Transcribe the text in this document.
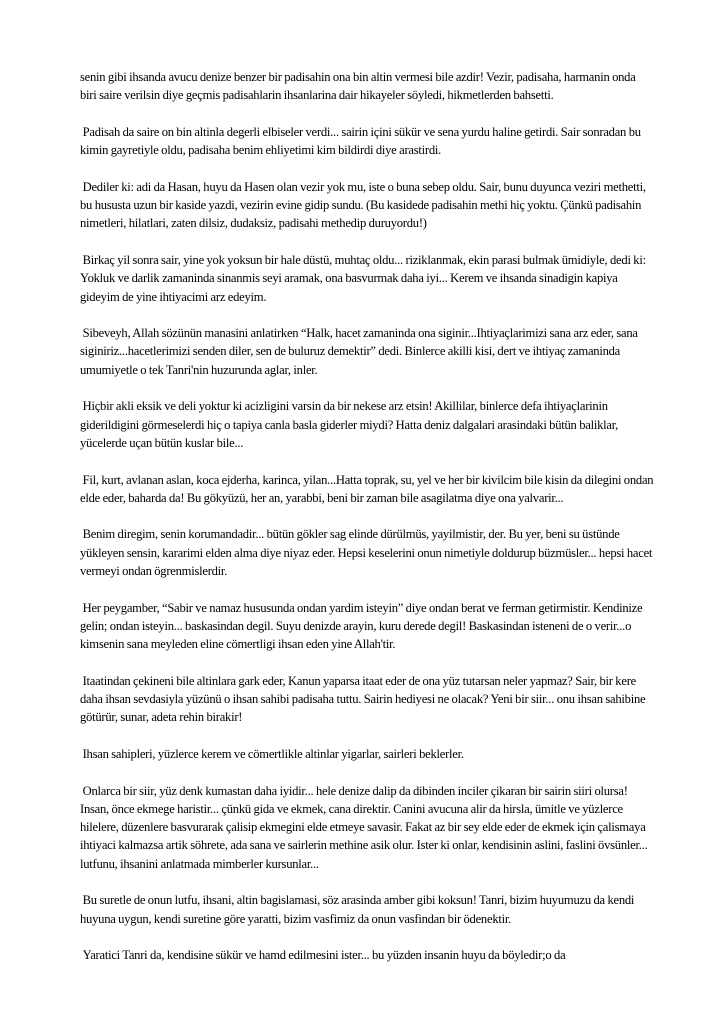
senin gibi ihsanda avucu denize benzer bir padisahin ona bin altin vermesi bile azdir! Vezir, padisaha, harmanin onda biri saire verilsin diye geçmis padisahlarin ihsanlarina dair hikayeler söyledi, hikmetlerden bahsetti.

Padisah da saire on bin altinla degerli elbiseler verdi... sairin içini sükür ve sena yurdu haline getirdi. Sair sonradan bu kimin gayretiyle oldu, padisaha benim ehliyetimi kim bildirdi diye arastirdi.

Dediler ki: adi da Hasan, huyu da Hasen olan vezir yok mu, iste o buna sebep oldu. Sair, bunu duyunca veziri methetti, bu hususta uzun bir kaside yazdi, vezirin evine gidip sundu. (Bu kasidede padisahin methi hiç yoktu. Çünkü padisahin nimetleri, hilatlari, zaten dilsiz, dudaksiz, padisahi methedip duruyordu!)

Birkaç yil sonra sair, yine yok yoksun bir hale düstü, muhtaç oldu... riziklanmak, ekin parasi bulmak ümidiyle, dedi ki: Yokluk ve darlik zamaninda sinanmis seyi aramak, ona basvurmak daha iyi... Kerem ve ihsanda sinadigin kapiya gideyim de yine ihtiyacimi arz edeyim.

Sibeveyh, Allah sözünün manasini anlatirken “Halk, hacet zamaninda ona siginir...Ihtiyaçlarimizi sana arz eder, sana siginiriz...hacetlerimizi senden diler, sen de buluruz demektir” dedi. Binlerce akilli kisi, dert ve ihtiyaç zamaninda umumiyetle o tek Tanri'nin huzurunda aglar, inler.

Hiçbir akli eksik ve deli yoktur ki acizligini varsin da bir nekese arz etsin! Akillilar, binlerce defa ihtiyaçlarinin giderildigini görmeselerdi hiç o tapiya canla basla giderler miydi? Hatta deniz dalgalari arasindaki bütün baliklar, yücelerde uçan bütün kuslar bile...

Fil, kurt, avlanan aslan, koca ejderha, karinca, yilan...Hatta toprak, su, yel ve her bir kivilcim bile kisin da dilegini ondan elde eder, baharda da! Bu gökyüzü, her an, yarabbi, beni bir zaman bile asagilatma diye ona yalvarir...

Benim diregim, senin korumandadir... bütün gökler sag elinde dürülmüs, yayilmistir, der. Bu yer, beni su üstünde yükleyen sensin, kararimi elden alma diye niyaz eder. Hepsi keselerini onun nimetiyle doldurup büzmüsler... hepsi hacet vermeyi ondan ögrenmislerdir.

Her peygamber, “Sabir ve namaz hususunda ondan yardim isteyin” diye ondan berat ve ferman getirmistir. Kendinize gelin; ondan isteyin... baskasindan degil. Suyu denizde arayin, kuru derede degil! Baskasindan isteneni de o verir...o kimsenin sana meyleden eline cömertligi ihsan eden yine Allah'tir.

Itaatindan çekineni bile altinlara gark eder, Kanun yaparsa itaat eder de ona yüz tutarsan neler yapmaz? Sair, bir kere daha ihsan sevdasiyla yüzünü o ihsan sahibi padisaha tuttu. Sairin hediyesi ne olacak? Yeni bir siir... onu ihsan sahibine götürür, sunar, adeta rehin birakir!

Ihsan sahipleri, yüzlerce kerem ve cömertlikle altinlar yigarlar, sairleri beklerler.

Onlarca bir siir, yüz denk kumastan daha iyidir... hele denize dalip da dibinden inciler çikaran bir sairin siiri olursa! Insan, önce ekmege haristir... çünkü gida ve ekmek, cana direktir. Canini avucuna alir da hirsla, ümitle ve yüzlerce hilelere, düzenlere basvurarak çalisip ekmegini elde etmeye savasir. Fakat az bir sey elde eder de ekmek için çalismaya ihtiyaci kalmazsa artik söhrete, ada sana ve sairlerin methine asik olur. Ister ki onlar, kendisinin aslini, faslini övsünler... lutfunu, ihsanini anlatmada mimberler kursunlar...

Bu suretle de onun lutfu, ihsani, altin bagislamasi, söz arasinda amber gibi koksun! Tanri, bizim huyumuzu da kendi huyuna uygun, kendi suretine göre yaratti, bizim vasfimiz da onun vasfindan bir ödenektir.

Yaratici Tanri da, kendisine sükür ve hamd edilmesini ister... bu yüzden insanin huyu da böyledir;o da
